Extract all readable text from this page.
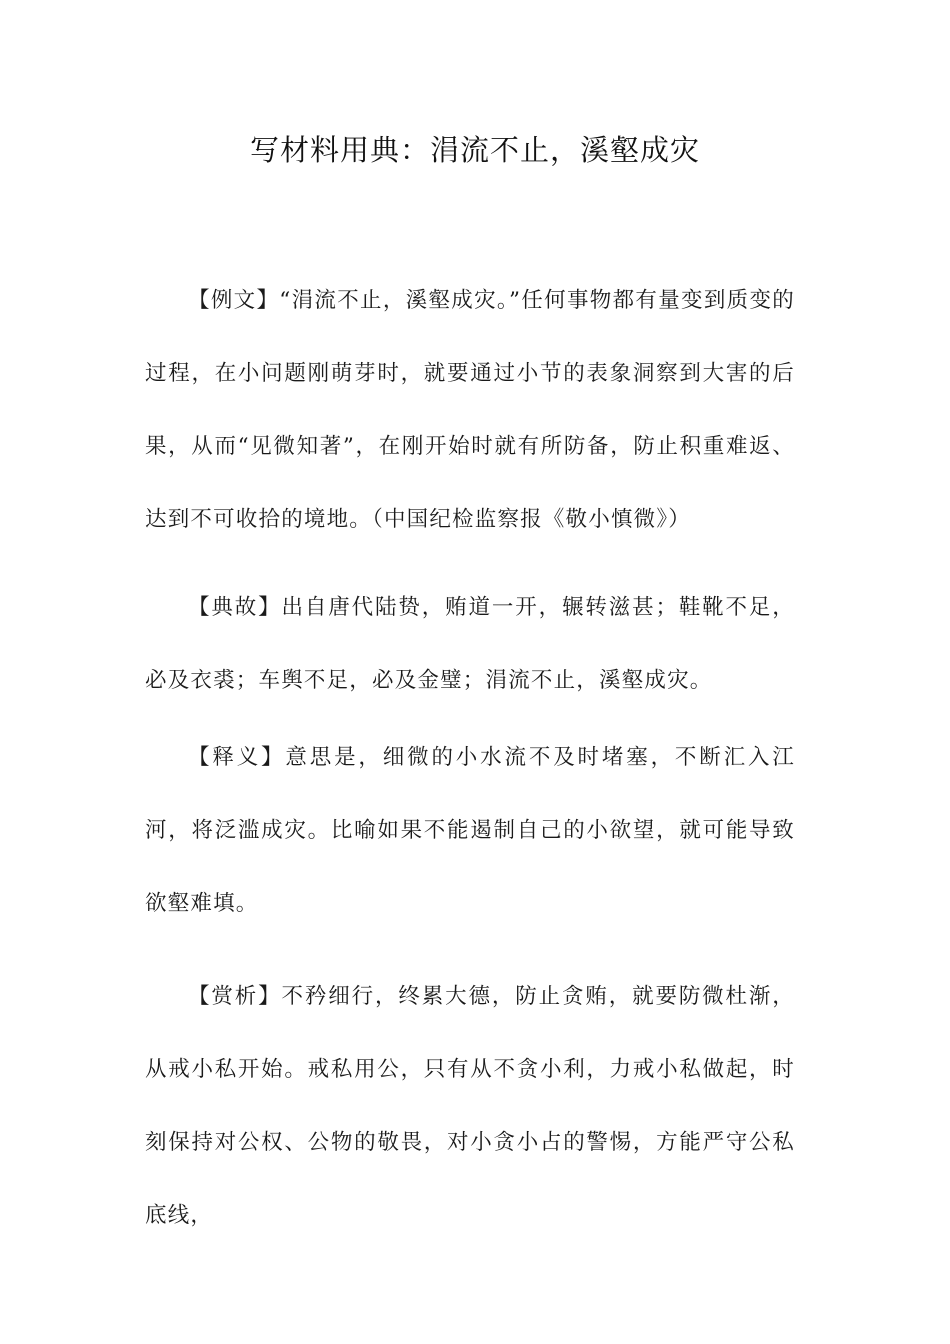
写材料用典：涓流不止，溪壑成灾

【例文】“涓流不止，溪壑成灾。”任何事物都有量变到质变的过程，在小问题刚萌芽时，就要通过小节的表象洞察到大害的后果，从而“见微知著”，在刚开始时就有所防备，防止积重难返、达到不可收拾的境地。（中国纪检监察报《敬小慎微》）

【典故】出自唐代陆贽，贿道一开，辗转滋甚；鞋靴不足，必及衣裘；车舆不足，必及金璧；涓流不止，溪壑成灾。

【释义】意思是，细微的小水流不及时堵塞，不断汇入江河，将泛滥成灾。比喻如果不能遏制自己的小欲望，就可能导致欲壑难填。

【赏析】不矜细行，终累大德，防止贪贿，就要防微杜渐，从戒小私开始。戒私用公，只有从不贪小利，力戒小私做起，时刻保持对公权、公物的敬畏，对小贪小占的警惕，方能严守公私底线，
